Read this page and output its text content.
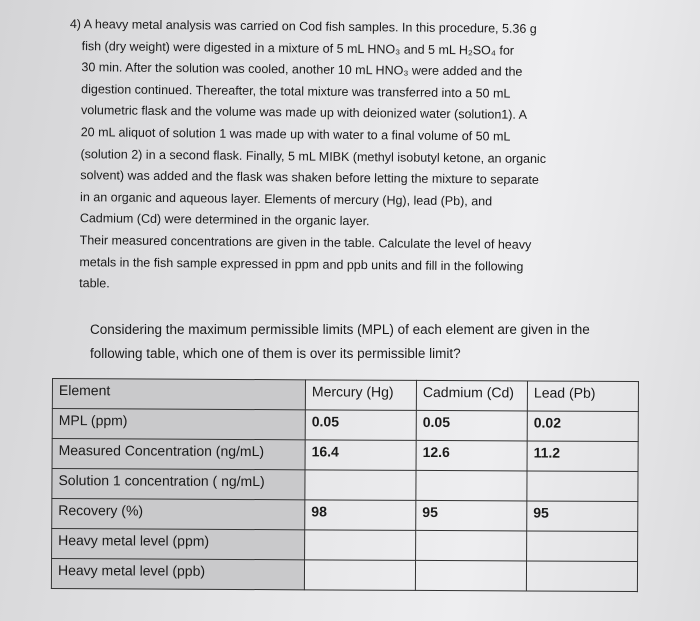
4) A heavy metal analysis was carried on Cod fish samples. In this procedure, 5.36 g
fish (dry weight) were digested in a mixture of 5 mL HNO₃ and 5 mL H₂SO₄ for
30 min. After the solution was cooled, another 10 mL HNO₃ were added and the
digestion continued. Thereafter, the total mixture was transferred into a 50 mL
volumetric flask and the volume was made up with deionized water (solution1). A
20 mL aliquot of solution 1 was made up with water to a final volume of 50 mL
(solution 2) in a second flask. Finally, 5 mL MIBK (methyl isobutyl ketone, an organic
solvent) was added and the flask was shaken before letting the mixture to separate
in an organic and aqueous layer. Elements of mercury (Hg), lead (Pb), and
Cadmium (Cd) were determined in the organic layer.
Their measured concentrations are given in the table. Calculate the level of heavy
metals in the fish sample expressed in ppm and ppb units and fill in the following
table.
Considering the maximum permissible limits (MPL) of each element are given in the
following table, which one of them is over its permissible limit?
Element	Mercury (Hg)	Cadmium (Cd)	Lead (Pb)
MPL (ppm)	0.05	0.05	0.02
Measured Concentration (ng/mL)	16.4	12.6	11.2
Solution 1 concentration ( ng/mL)			
Recovery (%)	98	95	95
Heavy metal level (ppm)			
Heavy metal level (ppb)			
